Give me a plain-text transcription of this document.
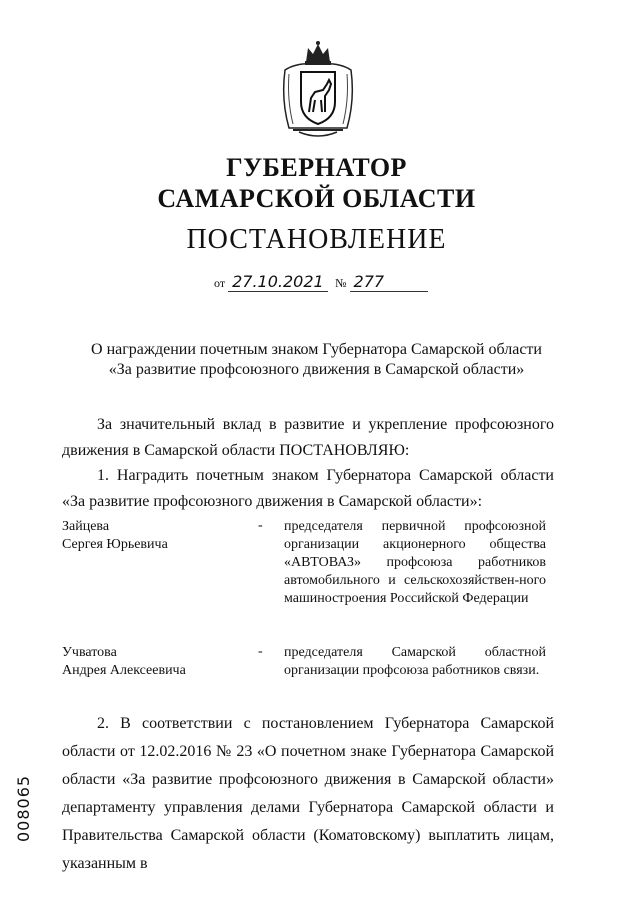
ГУБЕРНАТОР
САМАРСКОЙ ОБЛАСТИ
ПОСТАНОВЛЕНИЕ
от 27.10.2021 № 277
О награждении почетным знаком Губернатора Самарской области
«За развитие профсоюзного движения в Самарской области»
За значительный вклад в развитие и укрепление профсоюзного движения в Самарской области ПОСТАНОВЛЯЮ:
1. Наградить почетным знаком Губернатора Самарской области «За развитие профсоюзного движения в Самарской области»:
Зайцева
Сергея Юрьевича
- председателя первичной профсоюзной организации акционерного общества «АВТОВАЗ» профсоюза работников автомобильного и сельскохозяйствен-ного машиностроения Российской Федерации
Учватова
Андрея Алексеевича
- председателя Самарской областной организации профсоюза работников связи.
2. В соответствии с постановлением Губернатора Самарской области от 12.02.2016 № 23 «О почетном знаке Губернатора Самарской области «За развитие профсоюзного движения в Самарской области» департаменту управления делами Губернатора Самарской области и Правительства Самарской области (Коматовскому) выплатить лицам, указанным в
008065
